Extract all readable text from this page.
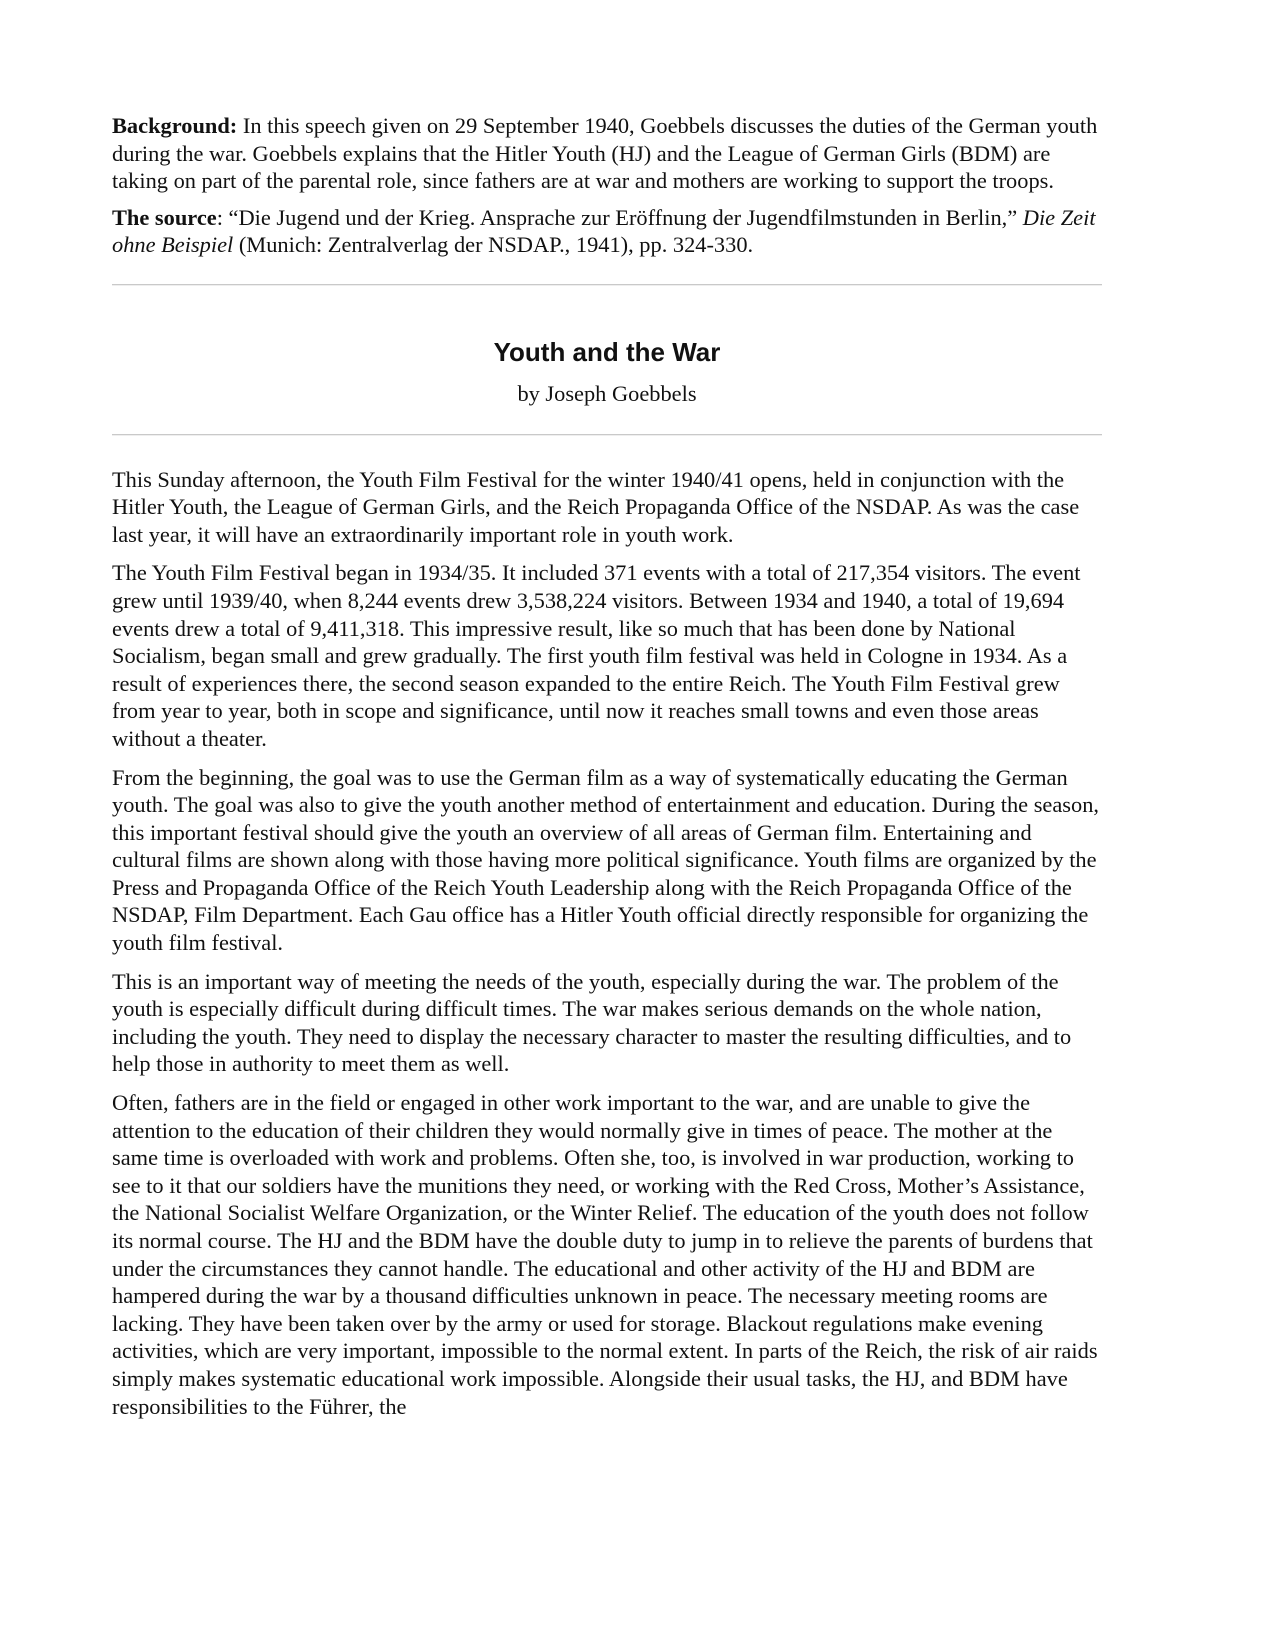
Background: In this speech given on 29 September 1940, Goebbels discusses the duties of the German youth during the war. Goebbels explains that the Hitler Youth (HJ) and the League of German Girls (BDM) are taking on part of the parental role, since fathers are at war and mothers are working to support the troops.

The source: “Die Jugend und der Krieg. Ansprache zur Eröffnung der Jugendfilmstunden in Berlin,” Die Zeit ohne Beispiel (Munich: Zentralverlag der NSDAP., 1941), pp. 324-330.

Youth and the War
by Joseph Goebbels

This Sunday afternoon, the Youth Film Festival for the winter 1940/41 opens, held in conjunction with the Hitler Youth, the League of German Girls, and the Reich Propaganda Office of the NSDAP. As was the case last year, it will have an extraordinarily important role in youth work.

The Youth Film Festival began in 1934/35. It included 371 events with a total of 217,354 visitors. The event grew until 1939/40, when 8,244 events drew 3,538,224 visitors. Between 1934 and 1940, a total of 19,694 events drew a total of 9,411,318. This impressive result, like so much that has been done by National Socialism, began small and grew gradually. The first youth film festival was held in Cologne in 1934. As a result of experiences there, the second season expanded to the entire Reich. The Youth Film Festival grew from year to year, both in scope and significance, until now it reaches small towns and even those areas without a theater.

From the beginning, the goal was to use the German film as a way of systematically educating the German youth. The goal was also to give the youth another method of entertainment and education. During the season, this important festival should give the youth an overview of all areas of German film. Entertaining and cultural films are shown along with those having more political significance. Youth films are organized by the Press and Propaganda Office of the Reich Youth Leadership along with the Reich Propaganda Office of the NSDAP, Film Department. Each Gau office has a Hitler Youth official directly responsible for organizing the youth film festival.

This is an important way of meeting the needs of the youth, especially during the war. The problem of the youth is especially difficult during difficult times. The war makes serious demands on the whole nation, including the youth. They need to display the necessary character to master the resulting difficulties, and to help those in authority to meet them as well.

Often, fathers are in the field or engaged in other work important to the war, and are unable to give the attention to the education of their children they would normally give in times of peace. The mother at the same time is overloaded with work and problems. Often she, too, is involved in war production, working to see to it that our soldiers have the munitions they need, or working with the Red Cross, Mother’s Assistance, the National Socialist Welfare Organization, or the Winter Relief. The education of the youth does not follow its normal course. The HJ and the BDM have the double duty to jump in to relieve the parents of burdens that under the circumstances they cannot handle. The educational and other activity of the HJ and BDM are hampered during the war by a thousand difficulties unknown in peace. The necessary meeting rooms are lacking. They have been taken over by the army or used for storage. Blackout regulations make evening activities, which are very important, impossible to the normal extent. In parts of the Reich, the risk of air raids simply makes systematic educational work impossible. Alongside their usual tasks, the HJ, and BDM have responsibilities to the Führer, the
